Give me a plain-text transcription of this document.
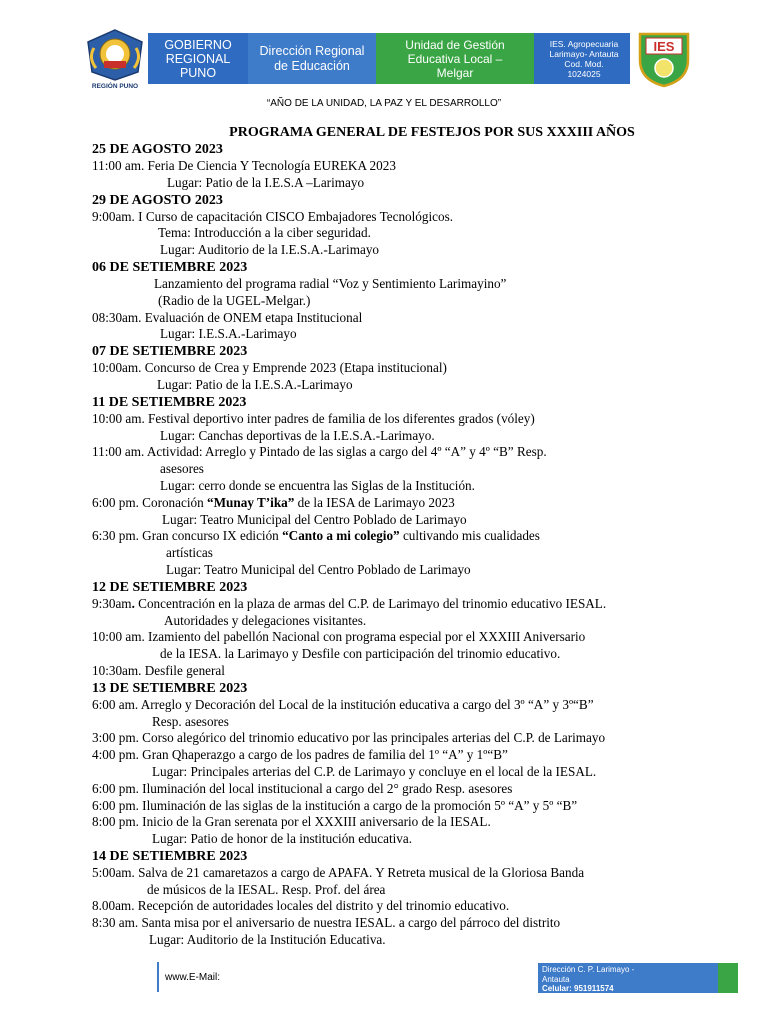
REGIÓN PUNO
GOBIERNO
REGIONAL
PUNO
Dirección Regional
de Educación
Unidad de Gestión
Educativa Local –
Melgar
IES. Agropecuaria
Larimayo- Antauta
Cod. Mod.
1024025
IES
“AÑO DE LA UNIDAD, LA PAZ Y EL DESARROLLO”
PROGRAMA GENERAL DE FESTEJOS POR SUS XXXIII AÑOS
25 DE AGOSTO 2023
11:00 am. Feria De Ciencia Y Tecnología EUREKA 2023
Lugar: Patio de la I.E.S.A –Larimayo
29 DE AGOSTO 2023
9:00am. I Curso de capacitación CISCO Embajadores Tecnológicos.
Tema: Introducción a la ciber seguridad.
Lugar: Auditorio de la I.E.S.A.-Larimayo
06 DE SETIEMBRE 2023
Lanzamiento del programa radial “Voz y Sentimiento Larimayino”
(Radio de la UGEL-Melgar.)
08:30am. Evaluación de ONEM etapa Institucional
Lugar: I.E.S.A.-Larimayo
07 DE SETIEMBRE 2023
10:00am. Concurso de Crea y Emprende 2023 (Etapa institucional)
Lugar: Patio de la I.E.S.A.-Larimayo
11 DE SETIEMBRE 2023
10:00 am. Festival deportivo inter padres de familia de los diferentes grados (vóley)
Lugar: Canchas deportivas de la I.E.S.A.-Larimayo.
11:00 am. Actividad: Arreglo y Pintado de las siglas a cargo del 4º “A” y 4º “B” Resp.
asesores
Lugar: cerro donde se encuentra las Siglas de la Institución.
6:00 pm. Coronación “Munay T’ika” de la IESA de Larimayo 2023
Lugar: Teatro Municipal del Centro Poblado de Larimayo
6:30 pm. Gran concurso IX edición “Canto a mi colegio” cultivando mis cualidades
artísticas
Lugar: Teatro Municipal del Centro Poblado de Larimayo
12 DE SETIEMBRE 2023
9:30am. Concentración en la plaza de armas del C.P. de Larimayo del trinomio educativo IESAL.
Autoridades y delegaciones visitantes.
10:00 am. Izamiento del pabellón Nacional con programa especial por el XXXIII Aniversario
de la IESA. la Larimayo y Desfile con participación del trinomio educativo.
10:30am. Desfile general
13 DE SETIEMBRE 2023
6:00 am. Arreglo y Decoración del Local de la institución educativa a cargo del 3º “A” y 3º“B”
Resp. asesores
3:00 pm. Corso alegórico del trinomio educativo por las principales arterias del C.P. de Larimayo
4:00 pm. Gran Qhaperazgo a cargo de los padres de familia del 1º “A” y 1º“B”
Lugar: Principales arterias del C.P. de Larimayo y concluye en el local de la IESAL.
6:00 pm. Iluminación del local institucional a cargo del 2° grado Resp. asesores
6:00 pm. Iluminación de las siglas de la institución a cargo de la promoción 5º “A” y 5º “B”
8:00 pm. Inicio de la Gran serenata por el XXXIII aniversario de la IESAL.
Lugar: Patio de honor de la institución educativa.
14 DE SETIEMBRE 2023
5:00am. Salva de 21 camaretazos a cargo de APAFA. Y Retreta musical de la Gloriosa Banda
de músicos de la IESAL. Resp. Prof. del área
8.00am. Recepción de autoridades locales del distrito y del trinomio educativo.
8:30 am. Santa misa por el aniversario de nuestra IESAL. a cargo del párroco del distrito
Lugar: Auditorio de la Institución Educativa.
www.E-Mail:
Dirección C. P. Larimayo -
Antauta
Celular: 951911574
